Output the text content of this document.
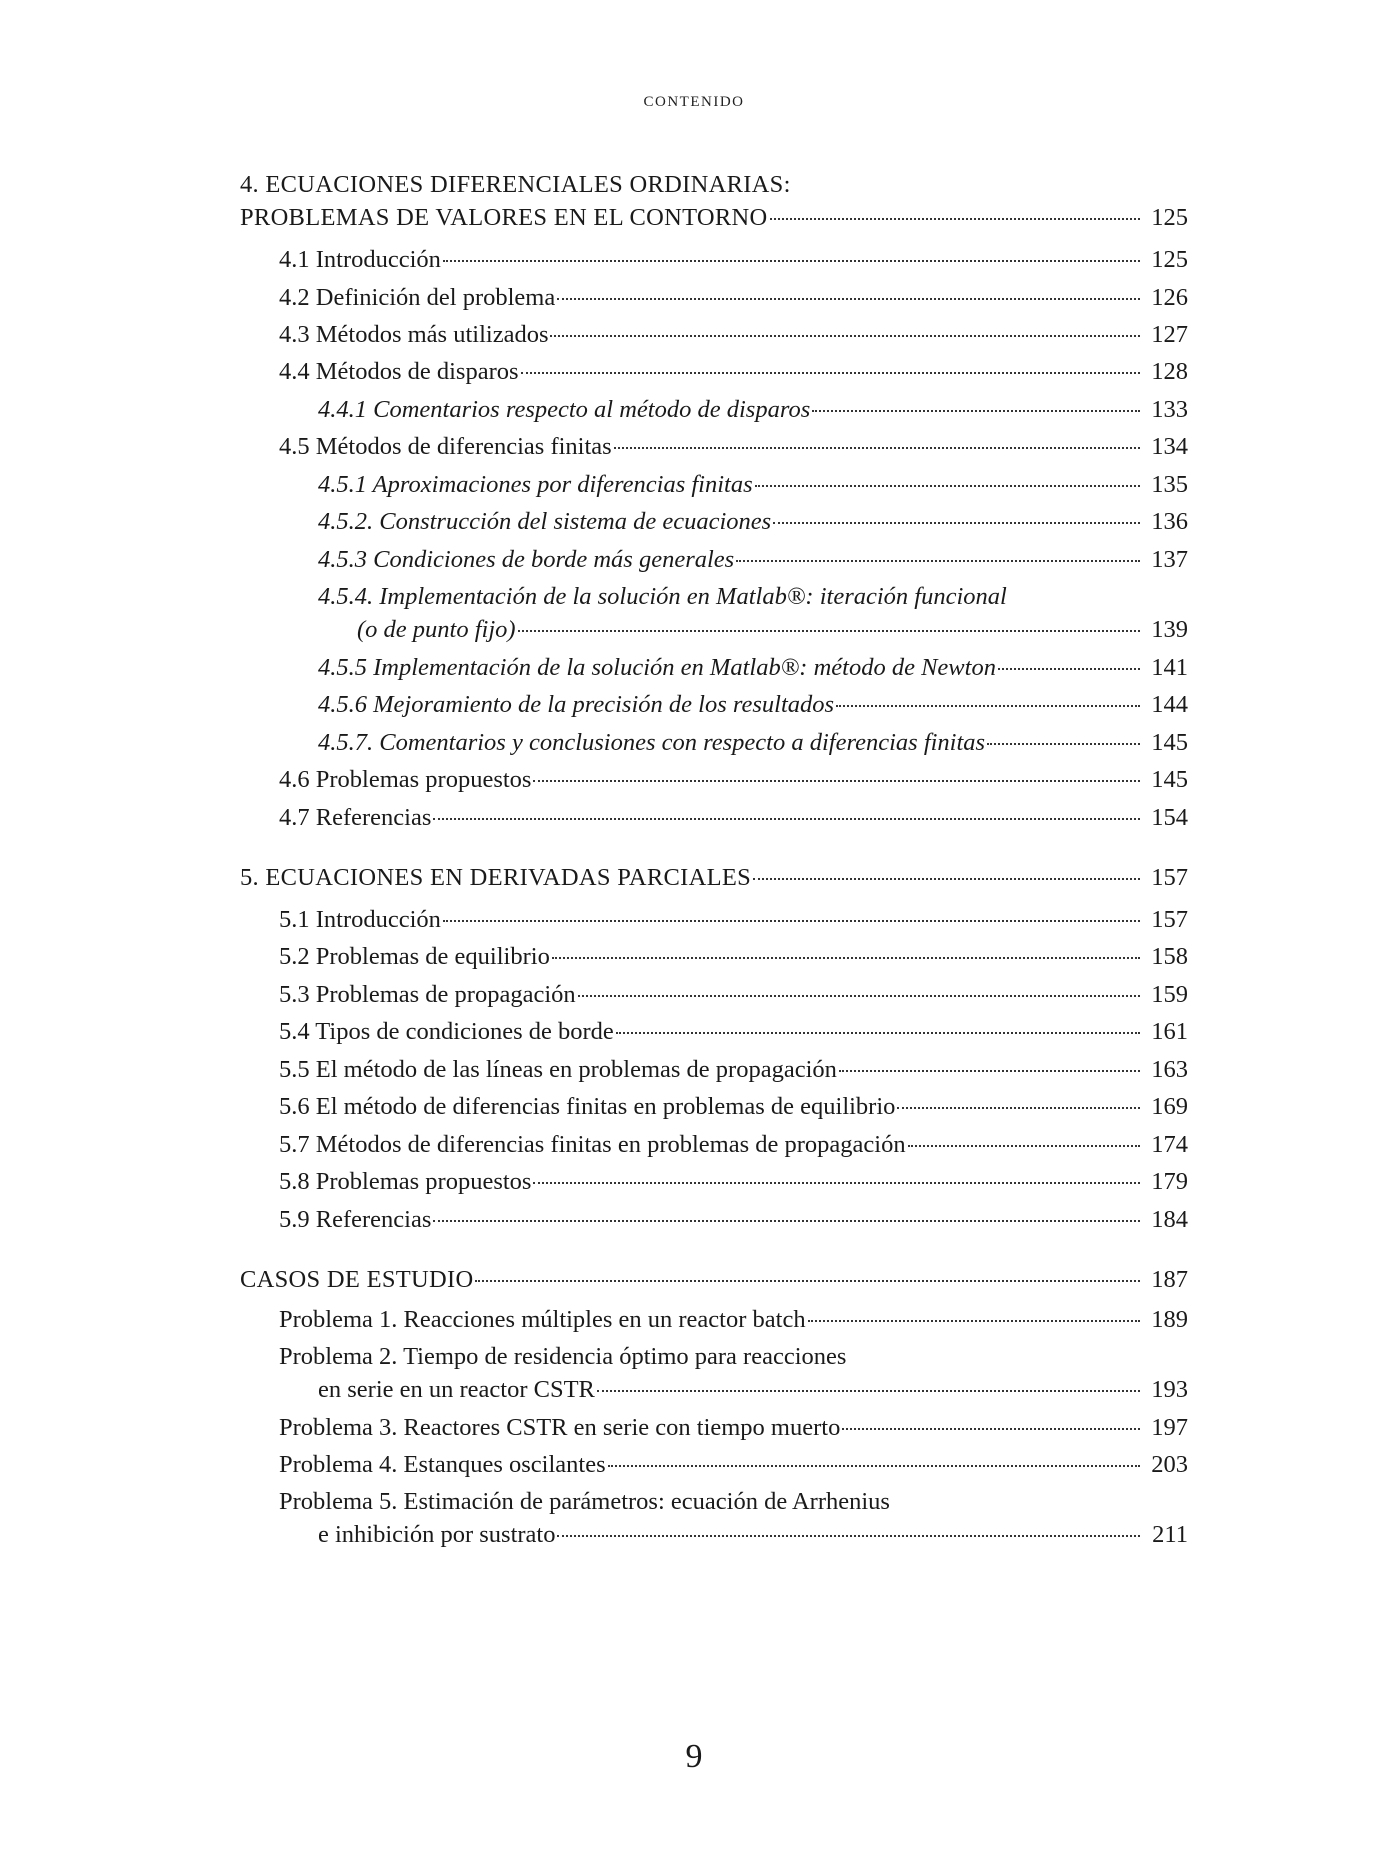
CONTENIDO
4. ECUACIONES DIFERENCIALES ORDINARIAS:
PROBLEMAS DE VALORES EN EL CONTORNO	125
4.1 Introducción	125
4.2 Definición del problema	126
4.3 Métodos más utilizados	127
4.4 Métodos de disparos	128
4.4.1 Comentarios respecto al método de disparos	133
4.5 Métodos de diferencias finitas	134
4.5.1 Aproximaciones por diferencias finitas	135
4.5.2. Construcción del sistema de ecuaciones	136
4.5.3 Condiciones de borde más generales	137
4.5.4. Implementación de la solución en Matlab®: iteración funcional
(o de punto fijo)	139
4.5.5 Implementación de la solución en Matlab®: método de Newton	141
4.5.6 Mejoramiento de la precisión de los resultados	144
4.5.7. Comentarios y conclusiones con respecto a diferencias finitas	145
4.6 Problemas propuestos	145
4.7 Referencias	154
5. ECUACIONES EN DERIVADAS PARCIALES	157
5.1 Introducción	157
5.2 Problemas de equilibrio	158
5.3 Problemas de propagación	159
5.4 Tipos de condiciones de borde	161
5.5 El método de las líneas en problemas de propagación	163
5.6 El método de diferencias finitas en problemas de equilibrio	169
5.7 Métodos de diferencias finitas en problemas de propagación	174
5.8 Problemas propuestos	179
5.9 Referencias	184
CASOS DE ESTUDIO	187
Problema 1. Reacciones múltiples en un reactor batch	189
Problema 2. Tiempo de residencia óptimo para reacciones
en serie en un reactor CSTR	193
Problema 3. Reactores CSTR en serie con tiempo muerto	197
Problema 4. Estanques oscilantes	203
Problema 5. Estimación de parámetros: ecuación de Arrhenius
e inhibición por sustrato	211
9
